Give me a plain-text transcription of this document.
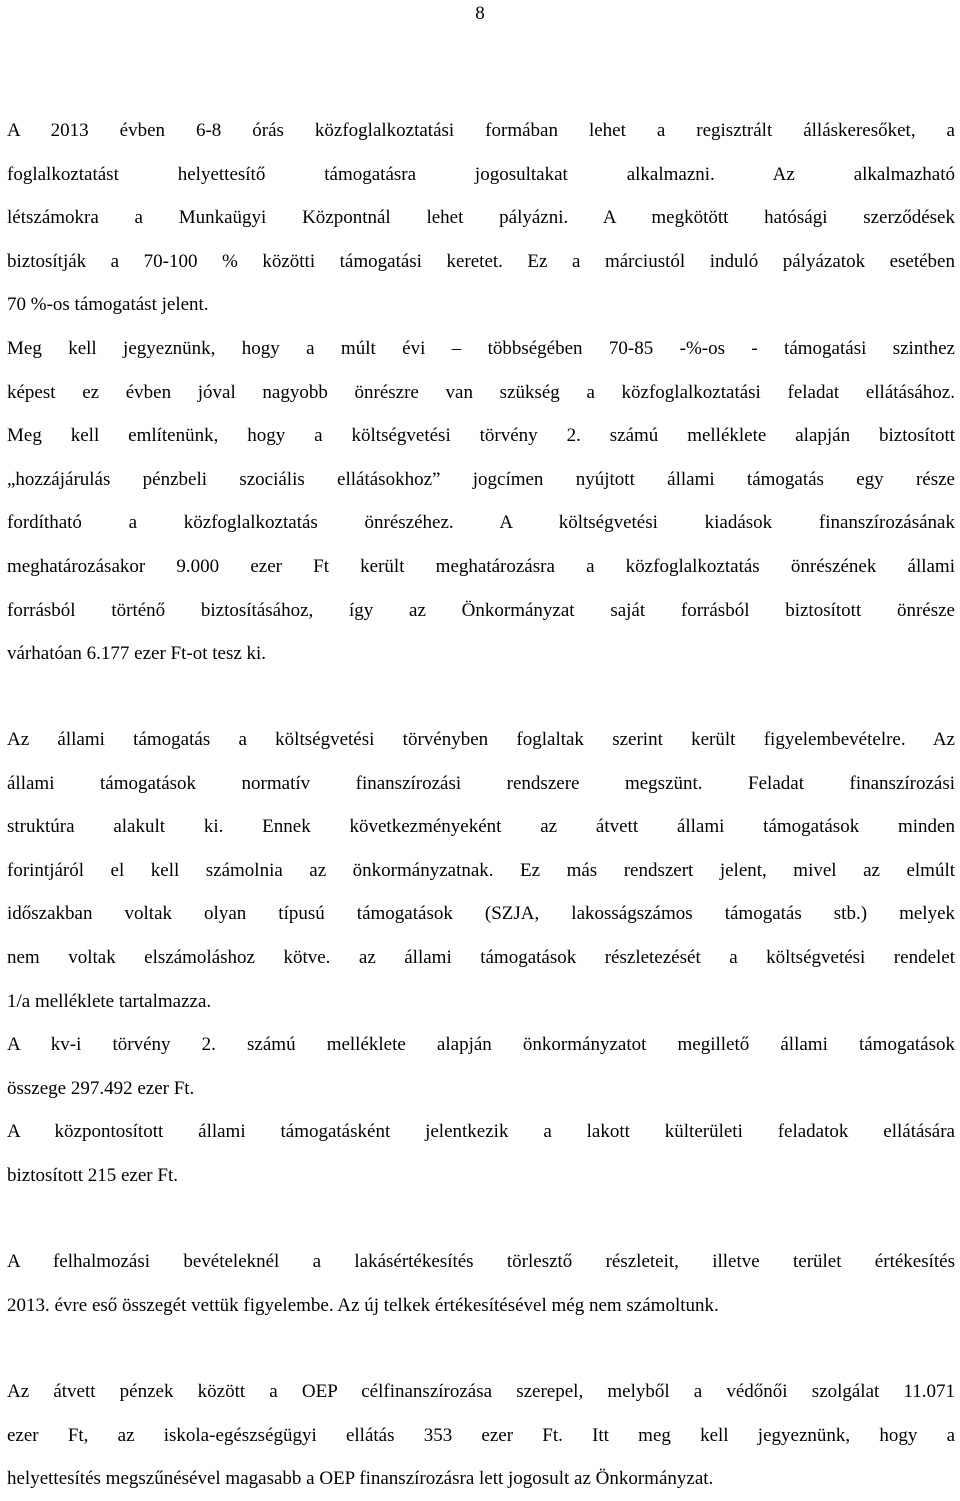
8
A 2013 évben 6-8 órás közfoglalkoztatási formában lehet a regisztrált álláskeresőket, a
foglalkoztatást helyettesítő támogatásra jogosultakat alkalmazni. Az alkalmazható
létszámokra a Munkaügyi Központnál lehet pályázni. A megkötött hatósági szerződések
biztosítják a 70-100 % közötti támogatási keretet. Ez a márciustól induló pályázatok esetében
70 %-os támogatást jelent.
Meg kell jegyeznünk, hogy a múlt évi – többségében 70-85 -%-os - támogatási szinthez
képest ez évben jóval nagyobb önrészre van szükség a közfoglalkoztatási feladat ellátásához.
Meg kell említenünk, hogy a költségvetési törvény 2. számú melléklete alapján biztosított
„hozzájárulás pénzbeli szociális ellátásokhoz” jogcímen nyújtott állami támogatás egy része
fordítható a közfoglalkoztatás önrészéhez. A költségvetési kiadások finanszírozásának
meghatározásakor 9.000 ezer Ft került meghatározásra a közfoglalkoztatás önrészének állami
forrásból történő biztosításához, így az Önkormányzat saját forrásból biztosított önrésze
várhatóan 6.177 ezer Ft-ot tesz ki.
Az állami támogatás a költségvetési törvényben foglaltak szerint került figyelembevételre. Az
állami támogatások normatív finanszírozási rendszere megszünt. Feladat finanszírozási
struktúra alakult ki. Ennek következményeként az átvett állami támogatások minden
forintjáról el kell számolnia az önkormányzatnak. Ez más rendszert jelent, mivel az elmúlt
időszakban voltak olyan típusú támogatások (SZJA, lakosságszámos támogatás stb.) melyek
nem voltak elszámoláshoz kötve. az állami támogatások részletezését a költségvetési rendelet
1/a melléklete tartalmazza.
A kv-i törvény 2. számú melléklete alapján önkormányzatot megillető állami támogatások
összege 297.492 ezer Ft.
A központosított állami támogatásként jelentkezik a lakott külterületi feladatok ellátására
biztosított 215 ezer Ft.
A felhalmozási bevételeknél a lakásértékesítés törlesztő részleteit, illetve terület értékesítés
2013. évre eső összegét vettük figyelembe. Az új telkek értékesítésével még nem számoltunk.
Az átvett pénzek között a OEP célfinanszírozása szerepel, melyből a védőnői szolgálat 11.071
ezer Ft, az iskola-egészségügyi ellátás 353 ezer Ft. Itt meg kell jegyeznünk, hogy a
helyettesítés megszűnésével magasabb a OEP finanszírozásra lett jogosult az Önkormányzat.
